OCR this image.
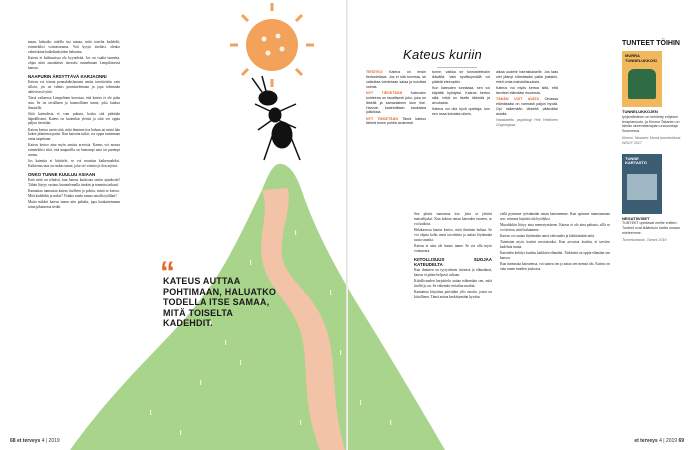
maan, haluatko todella tuo samaa, mitä toiselta kadehdit, esimerkiksi voimavaransa. Voit kysyä itseltäsi, olenko valmiskaan kaikeltatäyttäen haluansa.

Kateus ei kulttuurissa ole kyyneleitä. Jos on vaalia tunnetta, ohjaa niitä omanlaiset itsessäsi tunnelmaan Lempiläisessä kanssa.

NAAPURIN ÄRSYTTÄVÄ KARJAONNI

Kateus voi toimia ponnahduslautana omiin tavoitteisiin vain silloin, jos on valmis ponnistelemaan ja jopa tekemään aktiivisesti työtä.

Tässä vaiheessa Lempelinen korostaa, että kateus ei ole paha asia. Se on tavallinen ja luonnollinen tunne, joka kuuluu ihmiselle.

Siitä kateudesta ei vain puhuta, koska sitä pidetään häpeällisenä. Kateus on kuitenkin yleistä ja siitä voi oppia paljon itsestään.

Kateus kertoo usein siitä, mitä ihminen itse haluaa tai mistä hän kokee jääneensä paitsi. Kun kateutta tutkii, voi oppia tuntemaan omia tarpeitaan.

Kateus kertoo aina myös omista arvoista. Kateus voi nousta esimerkiksi siitä, että naapurilla on hienompi auto tai parempi asema.

Jos kateutta ei käsittele, se voi muuttua katkeruudeksi. Katkeruus taas on raskas tunne, joka vie voimia ja ilon arjesta.

ONKO TUNNE KUULUU ASIAAN

Entä mitä on tehtävä, kun kateus kurkistaa omiin ajatuksiin? Tähän löytyy vastaus kuuntelemalla itseään ja tunnetta tarkasti.

Kannattaa tunnustaa kateus itselleen ja pohtia, mistä se kertoo. Mitä kadehdin ja miksi? Voinko saada samaa omalla työlläni?

Muita mikkei kateus tunnu niin pahalta, jopa kaukaisemman tutun pikatuessa tiedät.

“
KATEUS AUTTAA POHTIMAAN, HALUATKO TODELLA ITSE SAMAA, MITÄ TOISELTA KADEHDIT.
Kateus kuriin

TIESITKÖ Kateus on ensin tiedostettava. Jos ei sitä tunnista, se vaikuttaa toimintaan salaa ja kuluttaa voimia.

NYT TIEDETÄÄN Kateuden kohteena on tavallisesti joku, joka on lähellä ja samanlainen kuin itse. Harvoin kadehditaan kaukaisia julkkiksia.

NYT TIEDETÄÄN Tämä kateus tärkeä tunne pohtia avoimesti.

tunne, vaikka se tunnusteleukin ikävältä. Vain hyväksymällä voi päästä eteenpäin.

Kun kateuden tunnistaa, sen voi käyttää hyödyksi. Kateus kertoo siitä, mikä on itselle tärkeää ja arvokasta.

Kateus voi olla hyvä opettaja, kun sen osaa kohdata oikein.

aikaa uudelle harrastukselle. Jos taas olet jäänyt elämässäsi paitsi jostakin, mieti omia mahdollisuuksia.

Kateus voi myös kertoa siitä, että tarvitset elämääsi muutosta.

TÄHÄN VOIT AVATA Omassa elämässäsi on varmasti paljon hyvää. Opi näkemään tärkeitä pitämääsi asioita.

Haastateltu psykologi Heli Hekkinen Ongoingssa.

Sen pitäisi tunnustaa itse, jotta se jättäisi maistelijaksi. Kun kohtaa oman kateuden tunteen, se voi kaikota.

Helakasessa kateus kertoo, mitä ihminen haluaa. Se voi ohjata kohti omia tavoitteita ja auttaa löytämään uusia suuntia.

Kateus ei aina ole huono tunne. Se voi olla myös voimavara.

KIITOLLISUUS SUOJAA KATEUDELTA

Kun ihminen on tyytyväinen itseensä ja elämäänsä, kateus ei pääse helposti valtaan.

Kiitollisuuden harjoittelu auttaa näkemään sen, mitä itsellä jo on. Se vähentää vertailua muihin.

Kannattaa kirjoittaa päivittäin ylös asioita, joista on kiitollinen. Tämä auttaa keskittymään hyvään.

vielä pyrimme työstämään oman kateutemme. Kun opimme tunnistamaan sen, voimme käyttää sitä hyödyksi.

Muodokkin liittyy aina menestymiseen. Kateus ei ole aina pahasta, sillä se voi kertoa, mitä haluamme.

Kateus voi auttaa löytämään omat vahvuudet ja kehittämään niitä.

Tunnistan myös itseäni arvostavaksi. Kun arvostaa itseään, ei tarvitse kadehtia muita.

Kateuden kehitys kuuluu kaikkien elämään. Tärkeintä on oppia elämään sen kanssa.

Kun tunnustaa kateutensa, voi tuntea sen ja antaa sen mennä ohi. Kateus on vain tunne muiden joukossa.

TUNTEET TÖIHIN
MURRA TUNNELUKKOSI
TUNNELUKKOJEN
tyhjentäminen on kehitetty erityisen terapiamuoto, ja Kimmo Takanen on tämän skeematerapian uranuurtaja Suomessa.
Kimmo Takanen: Murra tunnelukkosi. WSOY 2017
TUNNE KARTASTO
NEGATIIVISET
TUNTEET opettavat meille enitten. Tunteet ovat ikäänkuin kartta omaan mieleemme.
Tunnekartasto, Tammi 2019
68 et terveys 4 | 2019	et terveys 4 | 2019 69
